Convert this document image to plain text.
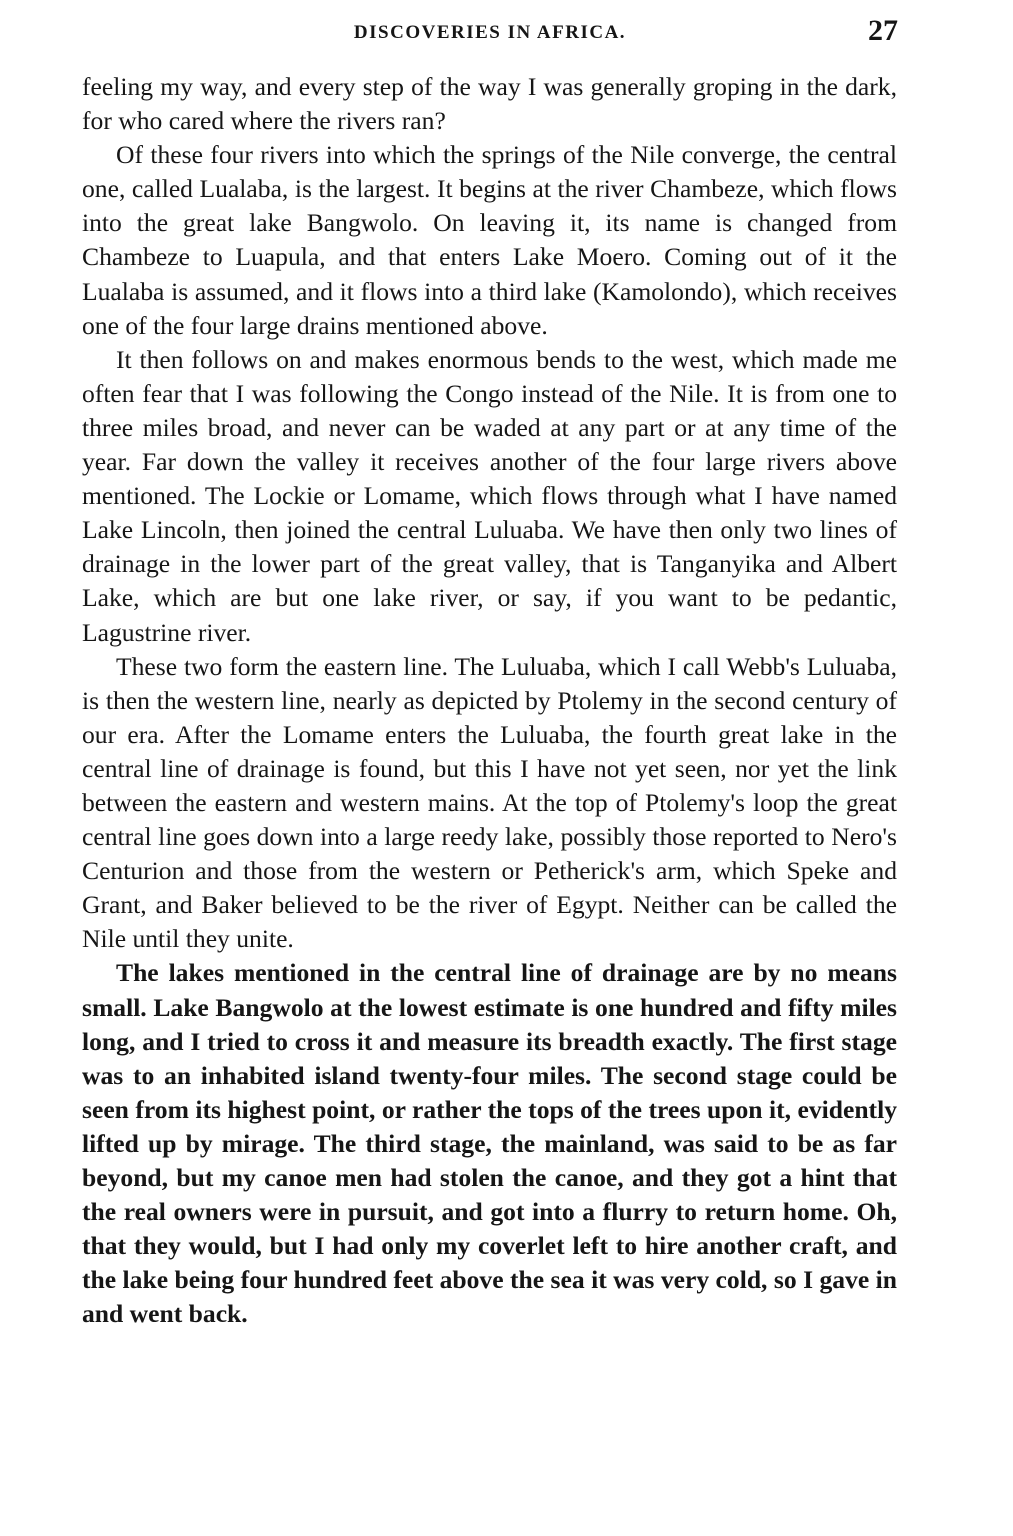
DISCOVERIES IN AFRICA.	27

feeling my way, and every step of the way I was generally groping in the dark, for who cared where the rivers ran?

Of these four rivers into which the springs of the Nile converge, the central one, called Lualaba, is the largest. It begins at the river Chambeze, which flows into the great lake Bangwolo. On leaving it, its name is changed from Chambeze to Luapula, and that enters Lake Moero. Coming out of it the Lualaba is assumed, and it flows into a third lake (Kamolondo), which receives one of the four large drains mentioned above.

It then follows on and makes enormous bends to the west, which made me often fear that I was following the Congo instead of the Nile. It is from one to three miles broad, and never can be waded at any part or at any time of the year. Far down the valley it receives another of the four large rivers above mentioned. The Lockie or Lomame, which flows through what I have named Lake Lincoln, then joined the central Luluaba. We have then only two lines of drainage in the lower part of the great valley, that is Tanganyika and Albert Lake, which are but one lake river, or say, if you want to be pedantic, Lagustrine river.

These two form the eastern line. The Luluaba, which I call Webb's Luluaba, is then the western line, nearly as depicted by Ptolemy in the second century of our era. After the Lomame enters the Luluaba, the fourth great lake in the central line of drainage is found, but this I have not yet seen, nor yet the link between the eastern and western mains. At the top of Ptolemy's loop the great central line goes down into a large reedy lake, possibly those reported to Nero's Centurion and those from the western or Petherick's arm, which Speke and Grant, and Baker believed to be the river of Egypt. Neither can be called the Nile until they unite.

The lakes mentioned in the central line of drainage are by no means small. Lake Bangwolo at the lowest estimate is one hundred and fifty miles long, and I tried to cross it and measure its breadth exactly. The first stage was to an inhabited island twenty-four miles. The second stage could be seen from its highest point, or rather the tops of the trees upon it, evidently lifted up by mirage. The third stage, the mainland, was said to be as far beyond, but my canoe men had stolen the canoe, and they got a hint that the real owners were in pursuit, and got into a flurry to return home. Oh, that they would, but I had only my coverlet left to hire another craft, and the lake being four hundred feet above the sea it was very cold, so I gave in and went back.
